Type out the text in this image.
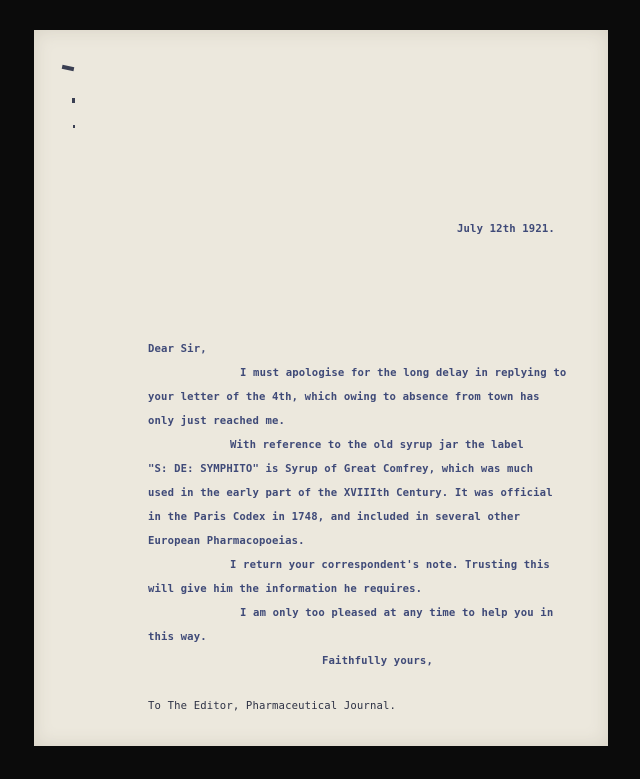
July 12th 1921.
Dear Sir,
I must apologise for the long delay in replying to
your letter of the 4th, which owing to absence from town has
only just reached me.
With reference to the old syrup jar the label
"S: DE: SYMPHITO" is Syrup of Great Comfrey, which was much
used in the early part of the XVIIIth Century. It was official
in the Paris Codex in 1748, and included in several other
European Pharmacopoeias.
I return your correspondent's note. Trusting this
will give him the information he requires.
I am only too pleased at any time to help you in
this way.
Faithfully yours,
To The Editor, Pharmaceutical Journal.
